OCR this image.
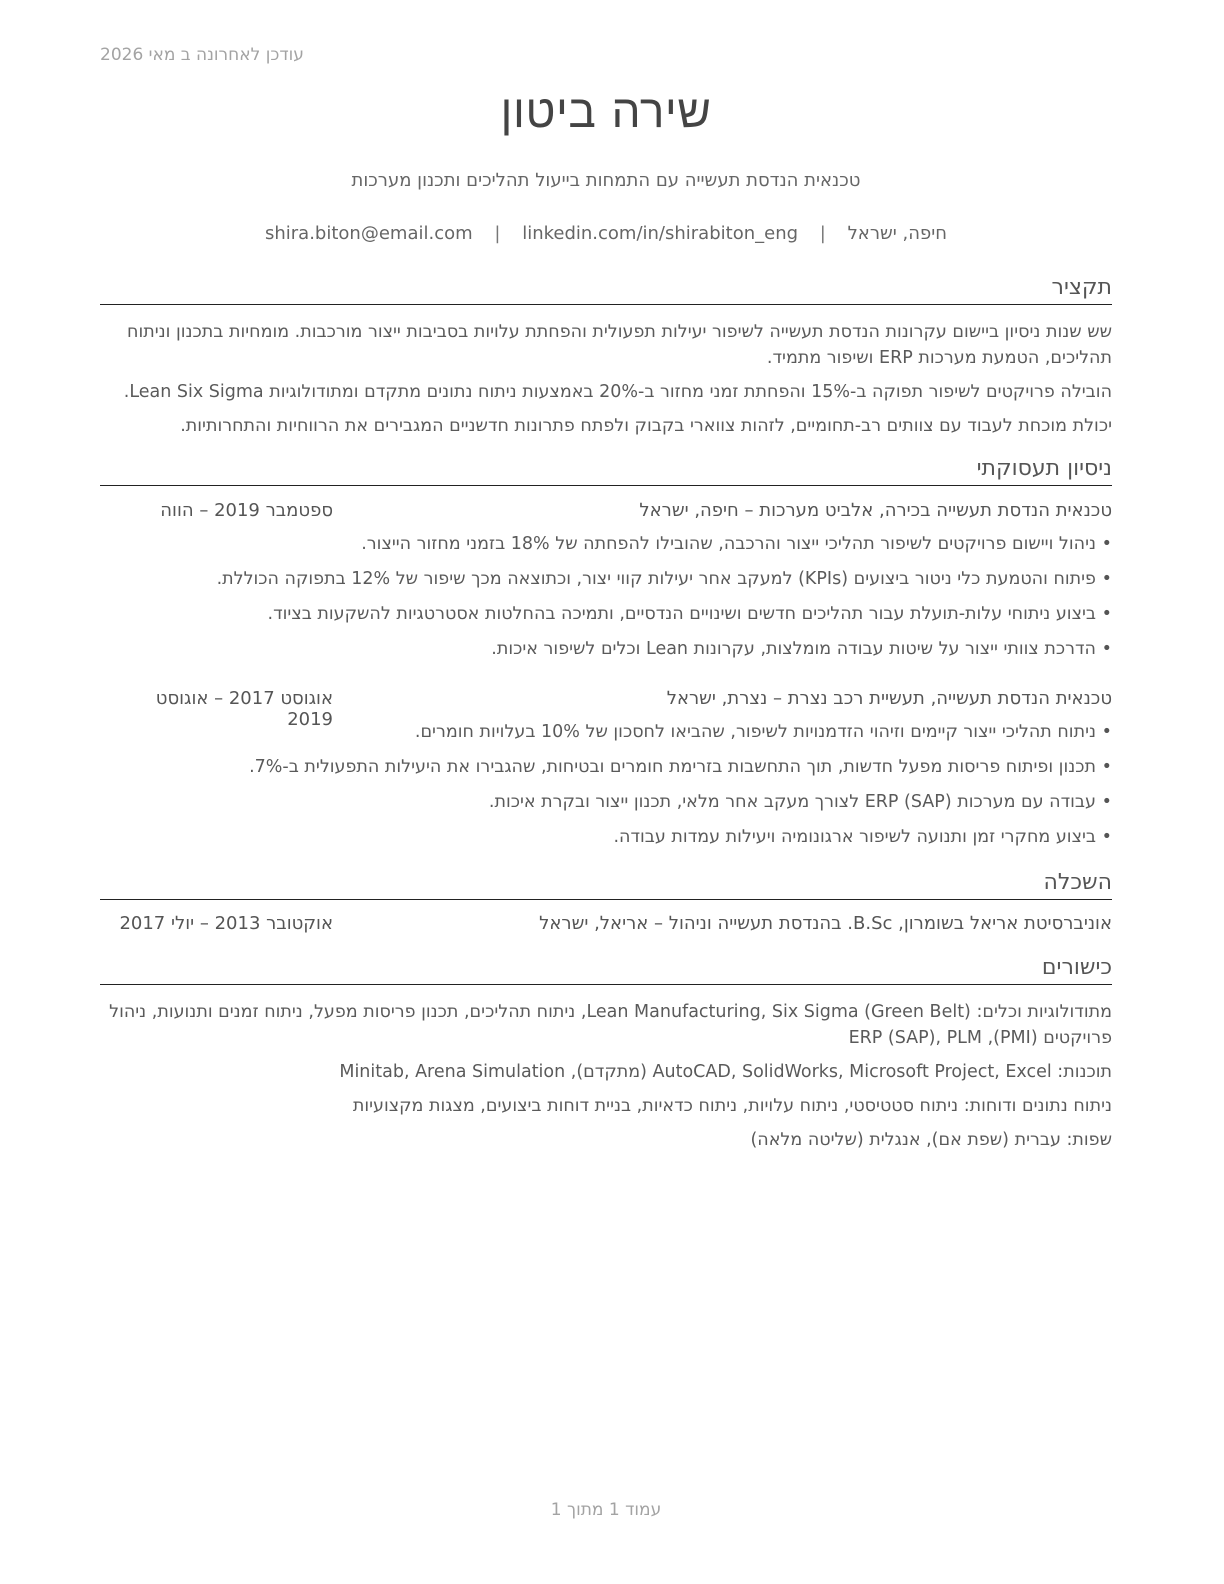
עודכן לאחרונה ב מאי 2026
שירה ביטון
טכנאית הנדסת תעשייה עם התמחות בייעול תהליכים ותכנון מערכות
חיפה, ישראל | shira.biton@email.com | linkedin.com/in/shirabiton_eng
תקציר

שש שנות ניסיון ביישום עקרונות הנדסת תעשייה לשיפור יעילות תפעולית והפחתת עלויות בסביבות ייצור מורכבות. מומחיות בתכנון וניתוח תהליכים, הטמעת מערכות ERP ושיפור מתמיד.

הובילה פרויקטים לשיפור תפוקה ב-15% והפחתת זמני מחזור ב-20% באמצעות ניתוח נתונים מתקדם ומתודולוגיות Lean Six Sigma.

יכולת מוכחת לעבוד עם צוותים רב-תחומיים, לזהות צווארי בקבוק ולפתח פתרונות חדשניים המגבירים את הרווחיות והתחרותיות.

ניסיון תעסוקתי
טכנאית הנדסת תעשייה בכירה, אלביט מערכות – חיפה, ישראל
ספטמבר 2019 – הווה
• ניהול ויישום פרויקטים לשיפור תהליכי ייצור והרכבה, שהובילו להפחתה של 18% בזמני מחזור הייצור.
• פיתוח והטמעת כלי ניטור ביצועים (KPIs) למעקב אחר יעילות קווי יצור, וכתוצאה מכך שיפור של 12% בתפוקה הכוללת.
• ביצוע ניתוחי עלות-תועלת עבור תהליכים חדשים ושינויים הנדסיים, ותמיכה בהחלטות אסטרטגיות להשקעות בציוד.
• הדרכת צוותי ייצור על שיטות עבודה מומלצות, עקרונות Lean וכלים לשיפור איכות.
טכנאית הנדסת תעשייה, תעשיית רכב נצרת – נצרת, ישראל
אוגוסט 2017 – אוגוסט 2019
• ניתוח תהליכי ייצור קיימים וזיהוי הזדמנויות לשיפור, שהביאו לחסכון של 10% בעלויות חומרים.
• תכנון ופיתוח פריסות מפעל חדשות, תוך התחשבות בזרימת חומרים ובטיחות, שהגבירו את היעילות התפעולית ב-7%.
• עבודה עם מערכות ERP (SAP) לצורך מעקב אחר מלאי, תכנון ייצור ובקרת איכות.
• ביצוע מחקרי זמן ותנועה לשיפור ארגונומיה ויעילות עמדות עבודה.
השכלה
אוניברסיטת אריאל בשומרון, B.Sc. בהנדסת תעשייה וניהול – אריאל, ישראל
אוקטובר 2013 – יולי 2017
כישורים

מתודולוגיות וכלים: Lean Manufacturing, Six Sigma (Green Belt), ניתוח תהליכים, תכנון פריסות מפעל, ניתוח זמנים ותנועות, ניהול פרויקטים (PMI), ERP (SAP), PLM

תוכנות: AutoCAD, SolidWorks, Microsoft Project, Excel (מתקדם), Minitab, Arena Simulation

ניתוח נתונים ודוחות: ניתוח סטטיסטי, ניתוח עלויות, ניתוח כדאיות, בניית דוחות ביצועים, מצגות מקצועיות

שפות: עברית (שפת אם), אנגלית (שליטה מלאה)

עמוד 1 מתוך 1
